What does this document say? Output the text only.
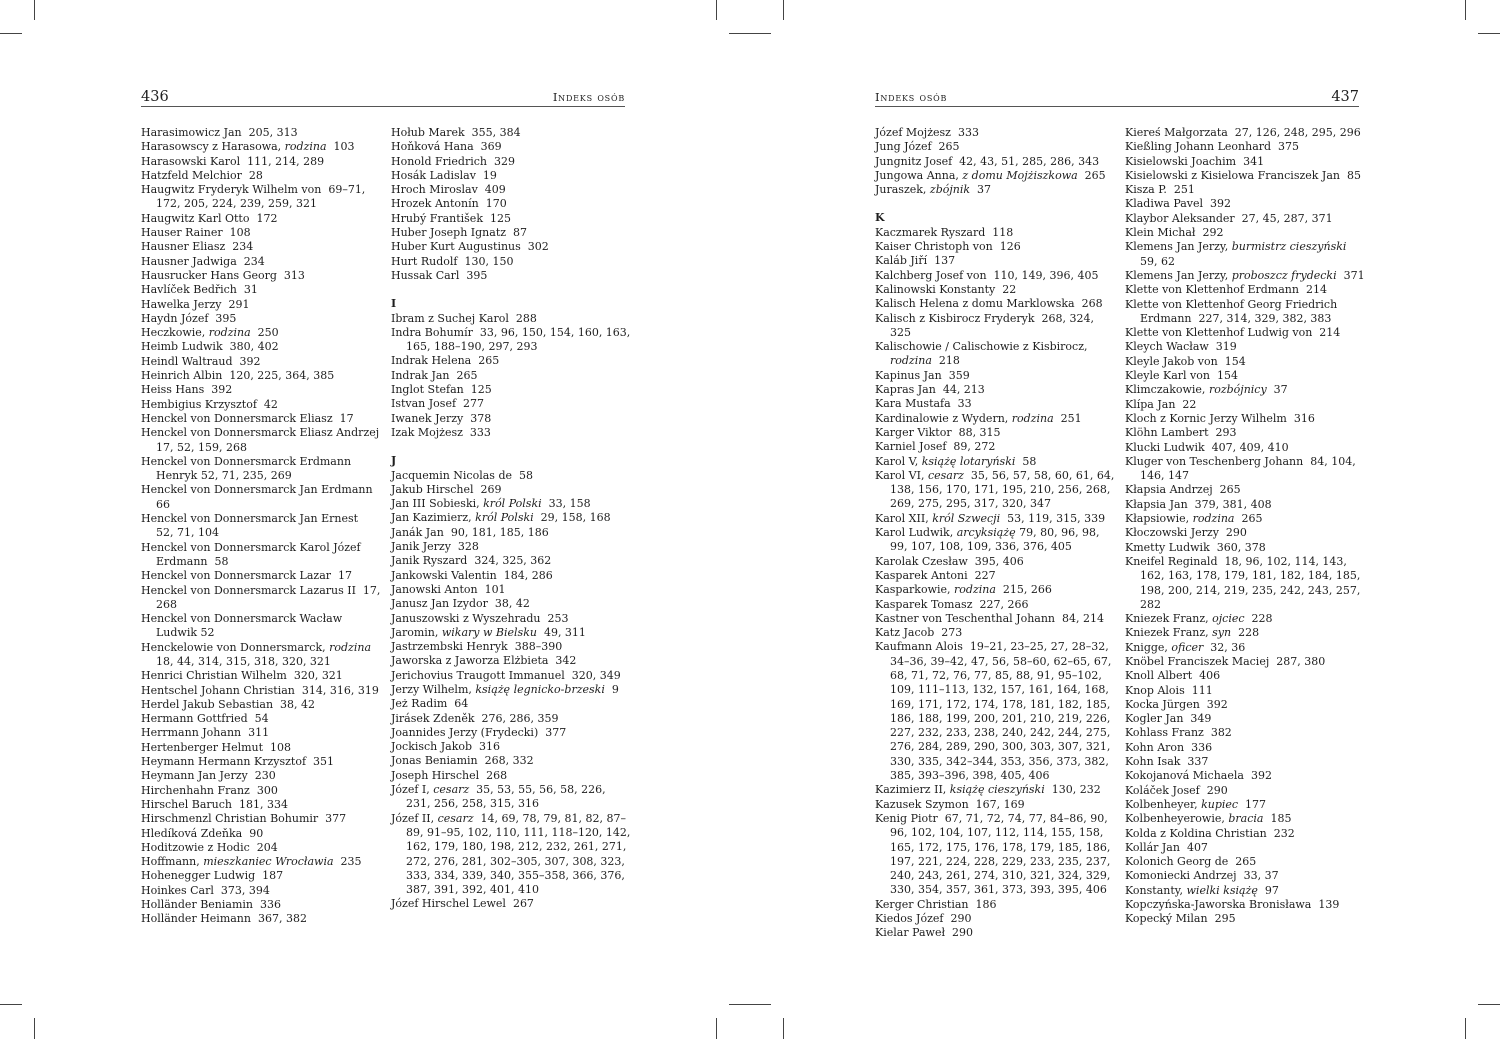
436	Indeks osób
Harasimowicz Jan  205, 313
Harasowscy z Harasowa, rodzina  103
Harasowski Karol  111, 214, 289
Hatzfeld Melchior  28
Haugwitz Fryderyk Wilhelm von  69–71, 172, 205, 224, 239, 259, 321
Haugwitz Karl Otto  172
Hauser Rainer  108
Hausner Eliasz  234
Hausner Jadwiga  234
Hausrucker Hans Georg  313
Havlíček Bedřich  31
Hawelka Jerzy  291
Haydn Józef  395
Heczkowie, rodzina  250
Heimb Ludwik  380, 402
Heindl Waltraud  392
Heinrich Albin  120, 225, 364, 385
Heiss Hans  392
Hembigius Krzysztof  42
Henckel von Donnersmarck Eliasz  17
Henckel von Donnersmarck Eliasz Andrzej 17, 52, 159, 268
Henckel von Donnersmarck Erdmann Henryk 52, 71, 235, 269
Henckel von Donnersmarck Jan Erdmann  66
Henckel von Donnersmarck Jan Ernest  52, 71, 104
Henckel von Donnersmarck Karol Józef Erdmann  58
Henckel von Donnersmarck Lazar  17
Henckel von Donnersmarck Lazarus II  17, 268
Henckel von Donnersmarck Wacław Ludwik 52
Henckelowie von Donnersmarck, rodzina  18, 44, 314, 315, 318, 320, 321
Henrici Christian Wilhelm  320, 321
Hentschel Johann Christian  314, 316, 319
Herdel Jakub Sebastian  38, 42
Hermann Gottfried  54
Herrmann Johann  311
Hertenberger Helmut  108
Heymann Hermann Krzysztof  351
Heymann Jan Jerzy  230
Hirchenhahn Franz  300
Hirschel Baruch  181, 334
Hirschmenzl Christian Bohumir  377
Hledíková Zdeňka  90
Hoditzowie z Hodic  204
Hoffmann, mieszkaniec Wrocławia  235
Hohenegger Ludwig  187
Hoinkes Carl  373, 394
Holländer Beniamin  336
Holländer Heimann  367, 382
Hołub Marek  355, 384
Hoňková Hana  369
Honold Friedrich  329
Hosák Ladislav  19
Hroch Miroslav  409
Hrozek Antonín  170
Hrubý František  125
Huber Joseph Ignatz  87
Huber Kurt Augustinus  302
Hurt Rudolf  130, 150
Hussak Carl  395
I
Ibram z Suchej Karol  288
Indra Bohumír  33, 96, 150, 154, 160, 163, 165, 188–190, 297, 293
Indrak Helena  265
Indrak Jan  265
Inglot Stefan  125
Istvan Josef  277
Iwanek Jerzy  378
Izak Mojżesz  333
J
Jacquemin Nicolas de  58
Jakub Hirschel  269
Jan III Sobieski, król Polski  33, 158
Jan Kazimierz, król Polski  29, 158, 168
Janák Jan  90, 181, 185, 186
Janik Jerzy  328
Janik Ryszard  324, 325, 362
Jankowski Valentin  184, 286
Janowski Anton  101
Janusz Jan Izydor  38, 42
Januszowski z Wyszehradu  253
Jaromin, wikary w Bielsku  49, 311
Jastrzembski Henryk  388–390
Jaworska z Jaworza Elżbieta  342
Jerichovius Traugott Immanuel  320, 349
Jerzy Wilhelm, książę legnicko-brzeski  9
Jeż Radim  64
Jirásek Zdeněk  276, 286, 359
Joannides Jerzy (Frydecki)  377
Jockisch Jakob  316
Jonas Beniamin  268, 332
Joseph Hirschel  268
Józef I, cesarz  35, 53, 55, 56, 58, 226, 231, 256, 258, 315, 316
Józef II, cesarz  14, 69, 78, 79, 81, 82, 87–89, 91–95, 102, 110, 111, 118–120, 142, 162, 179, 180, 198, 212, 232, 261, 271, 272, 276, 281, 302–305, 307, 308, 323, 333, 334, 339, 340, 355–358, 366, 376, 387, 391, 392, 401, 410
Józef Hirschel Lewel  267
Indeks osób	437
Józef Mojżesz  333
Jung Józef  265
Jungnitz Josef  42, 43, 51, 285, 286, 343
Jungowa Anna, z domu Mojżiszkowa  265
Juraszek, zbójnik  37
K
Kaczmarek Ryszard  118
Kaiser Christoph von  126
Kaláb Jiří  137
Kalchberg Josef von  110, 149, 396, 405
Kalinowski Konstanty  22
Kalisch Helena z domu Marklowska  268
Kalisch z Kisbirocz Fryderyk  268, 324, 325
Kalischowie / Calischowie z Kisbirocz, rodzina  218
Kapinus Jan  359
Kapras Jan  44, 213
Kara Mustafa  33
Kardinalowie z Wydern, rodzina  251
Karger Viktor  88, 315
Karniel Josef  89, 272
Karol V, książę lotaryński  58
Karol VI, cesarz  35, 56, 57, 58, 60, 61, 64, 138, 156, 170, 171, 195, 210, 256, 268, 269, 275, 295, 317, 320, 347
Karol XII, król Szwecji  53, 119, 315, 339
Karol Ludwik, arcyksiążę 79, 80, 96, 98, 99, 107, 108, 109, 336, 376, 405
Karolak Czesław  395, 406
Kasparek Antoni  227
Kasparkowie, rodzina  215, 266
Kasparek Tomasz  227, 266
Kastner von Teschenthal Johann  84, 214
Katz Jacob  273
Kaufmann Alois  19–21, 23–25, 27, 28–32, 34–36, 39–42, 47, 56, 58–60, 62–65, 67, 68, 71, 72, 76, 77, 85, 88, 91, 95–102, 109, 111–113, 132, 157, 161, 164, 168, 169, 171, 172, 174, 178, 181, 182, 185, 186, 188, 199, 200, 201, 210, 219, 226, 227, 232, 233, 238, 240, 242, 244, 275, 276, 284, 289, 290, 300, 303, 307, 321, 330, 335, 342–344, 353, 356, 373, 382, 385, 393–396, 398, 405, 406
Kazimierz II, książę cieszyński  130, 232
Kazusek Szymon  167, 169
Kenig Piotr  67, 71, 72, 74, 77, 84–86, 90, 96, 102, 104, 107, 112, 114, 155, 158, 165, 172, 175, 176, 178, 179, 185, 186, 197, 221, 224, 228, 229, 233, 235, 237, 240, 243, 261, 274, 310, 321, 324, 329, 330, 354, 357, 361, 373, 393, 395, 406
Kerger Christian  186
Kiedos Józef  290
Kielar Paweł  290
Kiereś Małgorzata  27, 126, 248, 295, 296
Kießling Johann Leonhard  375
Kisielowski Joachim  341
Kisielowski z Kisielowa Franciszek Jan  85
Kisza P.  251
Kladiwa Pavel  392
Klaybor Aleksander  27, 45, 287, 371
Klein Michał  292
Klemens Jan Jerzy, burmistrz cieszyński  59, 62
Klemens Jan Jerzy, proboszcz frydecki  371
Klette von Klettenhof Erdmann  214
Klette von Klettenhof Georg Friedrich Erdmann  227, 314, 329, 382, 383
Klette von Klettenhof Ludwig von  214
Kleych Wacław  319
Kleyle Jakob von  154
Kleyle Karl von  154
Klimczakowie, rozbójnicy  37
Klípa Jan  22
Kloch z Kornic Jerzy Wilhelm  316
Klöhn Lambert  293
Klucki Ludwik  407, 409, 410
Kluger von Teschenberg Johann  84, 104, 146, 147
Kłapsia Andrzej  265
Kłapsia Jan  379, 381, 408
Kłapsiowie, rodzina  265
Kłoczowski Jerzy  290
Kmetty Ludwik  360, 378
Kneifel Reginald  18, 96, 102, 114, 143, 162, 163, 178, 179, 181, 182, 184, 185, 198, 200, 214, 219, 235, 242, 243, 257, 282
Kniezek Franz, ojciec  228
Kniezek Franz, syn  228
Knigge, oficer  32, 36
Knöbel Franciszek Maciej  287, 380
Knoll Albert  406
Knop Alois  111
Kocka Jürgen  392
Kogler Jan  349
Kohlass Franz  382
Kohn Aron  336
Kohn Isak  337
Kokojanová Michaela  392
Koláček Josef  290
Kolbenheyer, kupiec  177
Kolbenheyerowie, bracia  185
Kolda z Koldina Christian  232
Kollár Jan  407
Kolonich Georg de  265
Komoniecki Andrzej  33, 37
Konstanty, wielki książę  97
Kopczyńska-Jaworska Bronisława  139
Kopecký Milan  295
